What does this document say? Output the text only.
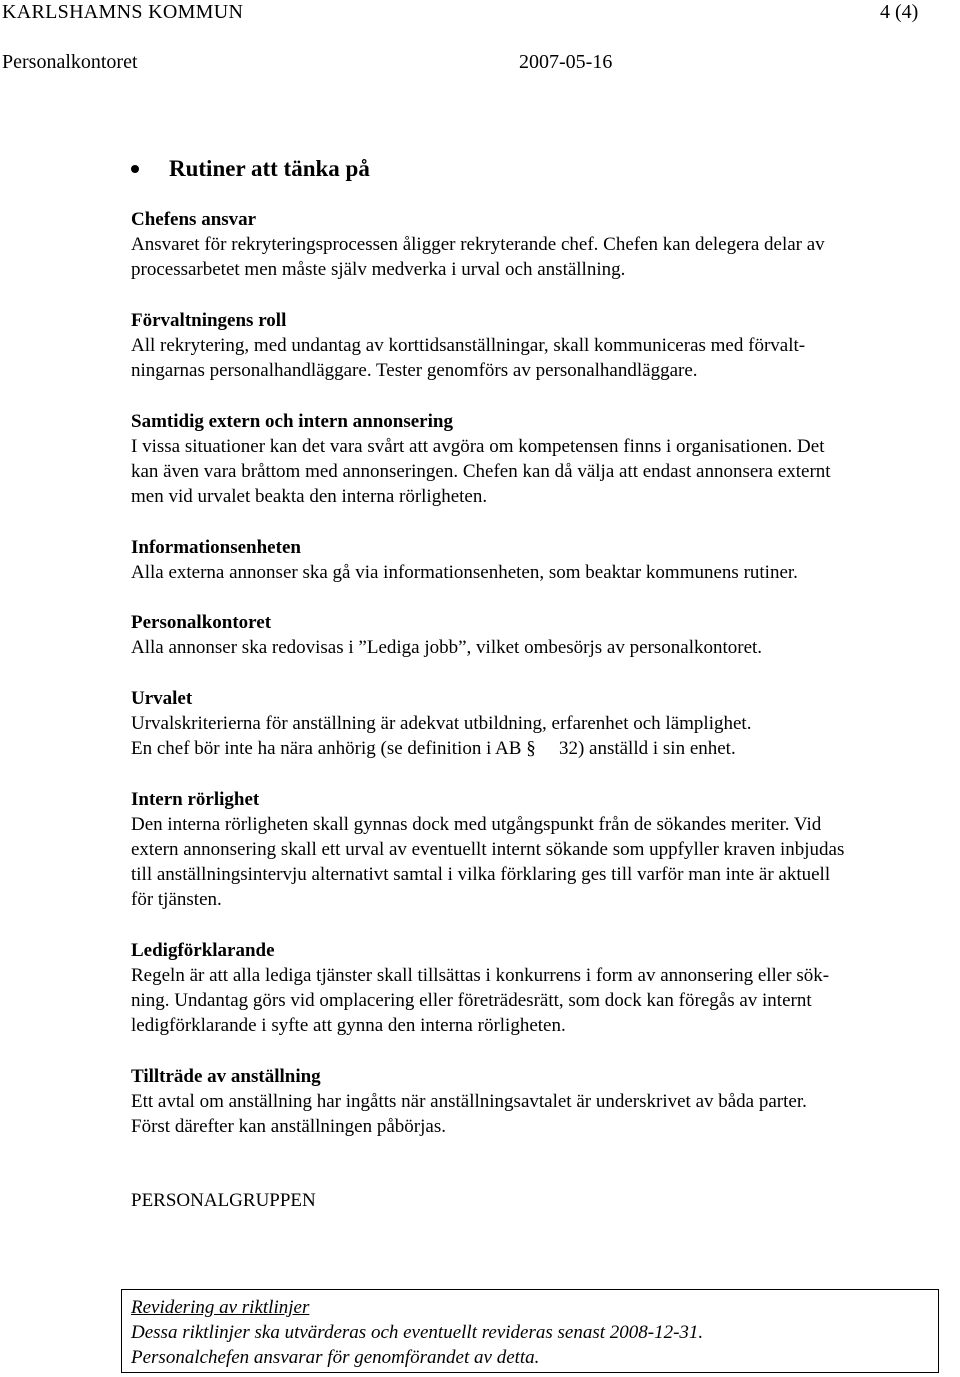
KARLSHAMNS KOMMUN	4 (4)
Personalkontoret	2007-05-16
Rutiner att tänka på
Chefens ansvar
Ansvaret för rekryteringsprocessen åligger rekryterande chef. Chefen kan delegera delar av
processarbetet men måste själv medverka i urval och anställning.
Förvaltningens roll
All rekrytering, med undantag av korttidsanställningar, skall kommuniceras med förvalt-
ningarnas personalhandläggare. Tester genomförs av personalhandläggare.
Samtidig extern och intern annonsering
I vissa situationer kan det vara svårt att avgöra om kompetensen finns i organisationen. Det
kan även vara bråttom med annonseringen. Chefen kan då välja att endast annonsera externt
men vid urvalet beakta den interna rörligheten.
Informationsenheten
Alla externa annonser ska gå via informationsenheten, som beaktar kommunens rutiner.
Personalkontoret
Alla annonser ska redovisas i ”Lediga jobb”, vilket ombesörjs av personalkontoret.
Urvalet
Urvalskriterierna för anställning är adekvat utbildning, erfarenhet och lämplighet.
En chef bör inte ha nära anhörig (se definition i AB § 32) anställd i sin enhet.
Intern rörlighet
Den interna rörligheten skall gynnas dock med utgångspunkt från de sökandes meriter. Vid
extern annonsering skall ett urval av eventuellt internt sökande som uppfyller kraven inbjudas
till anställningsintervju alternativt samtal i vilka förklaring ges till varför man inte är aktuell
för tjänsten.
Ledigförklarande
Regeln är att alla lediga tjänster skall tillsättas i konkurrens i form av annonsering eller sök-
ning. Undantag görs vid omplacering eller företrädesrätt, som dock kan föregås av internt
ledigförklarande i syfte att gynna den interna rörligheten.
Tillträde av anställning
Ett avtal om anställning har ingåtts när anställningsavtalet är underskrivet av båda parter.
Först därefter kan anställningen påbörjas.
PERSONALGRUPPEN
Revidering av riktlinjer
Dessa riktlinjer ska utvärderas och eventuellt revideras senast 2008-12-31.
Personalchefen ansvarar för genomförandet av detta.
